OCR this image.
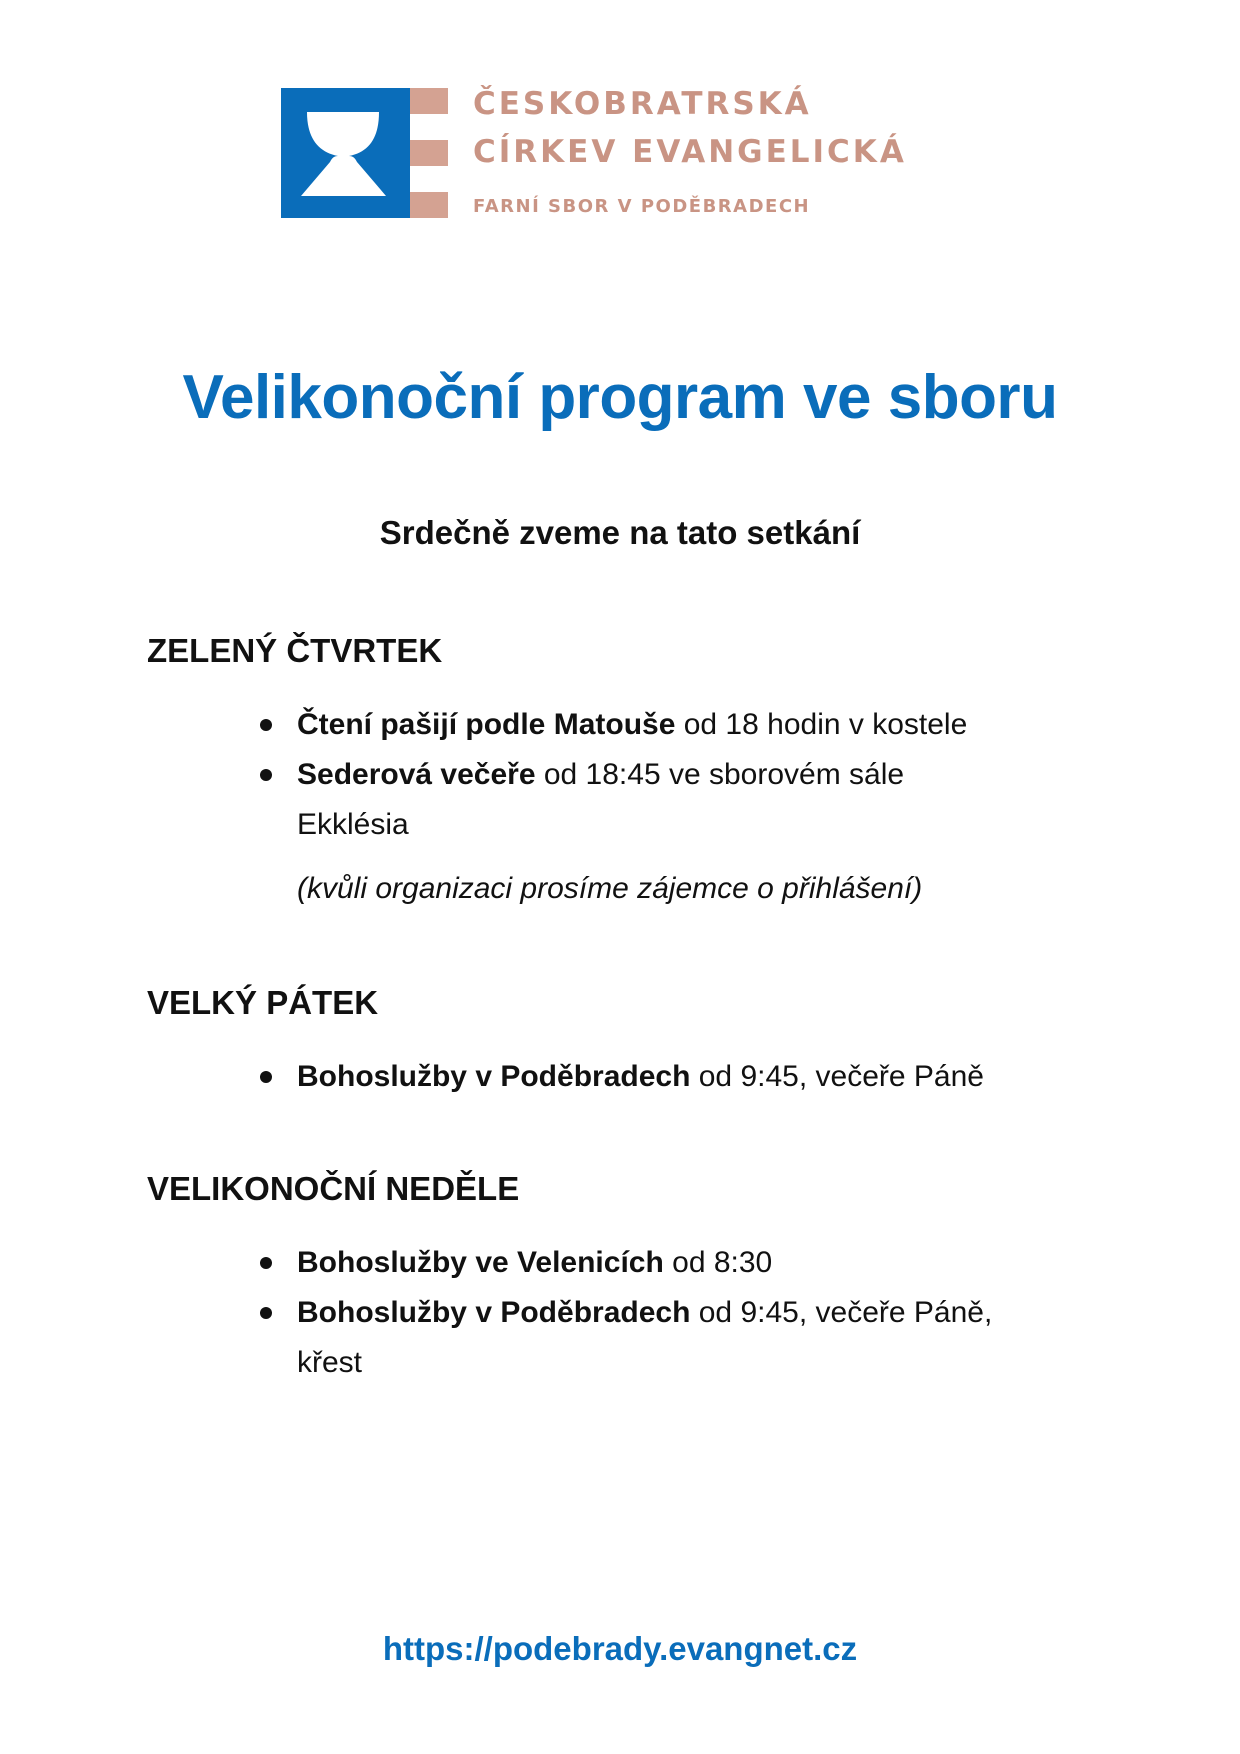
ČESKOBRATRSKÁ
CÍRKEV EVANGELICKÁ
FARNÍ SBOR V PODĚBRADECH
Velikonoční program ve sboru
Srdečně zveme na tato setkání
ZELENÝ ČTVRTEK
Čtení pašijí podle Matouše od 18 hodin v kostele
Sederová večeře od 18:45 ve sborovém sále Ekklésia
(kvůli organizaci prosíme zájemce o přihlášení)
VELKÝ PÁTEK
Bohoslužby v Poděbradech od 9:45, večeře Páně
VELIKONOČNÍ NEDĚLE
Bohoslužby ve Velenicích od 8:30
Bohoslužby v Poděbradech od 9:45, večeře Páně, křest
https://podebrady.evangnet.cz
